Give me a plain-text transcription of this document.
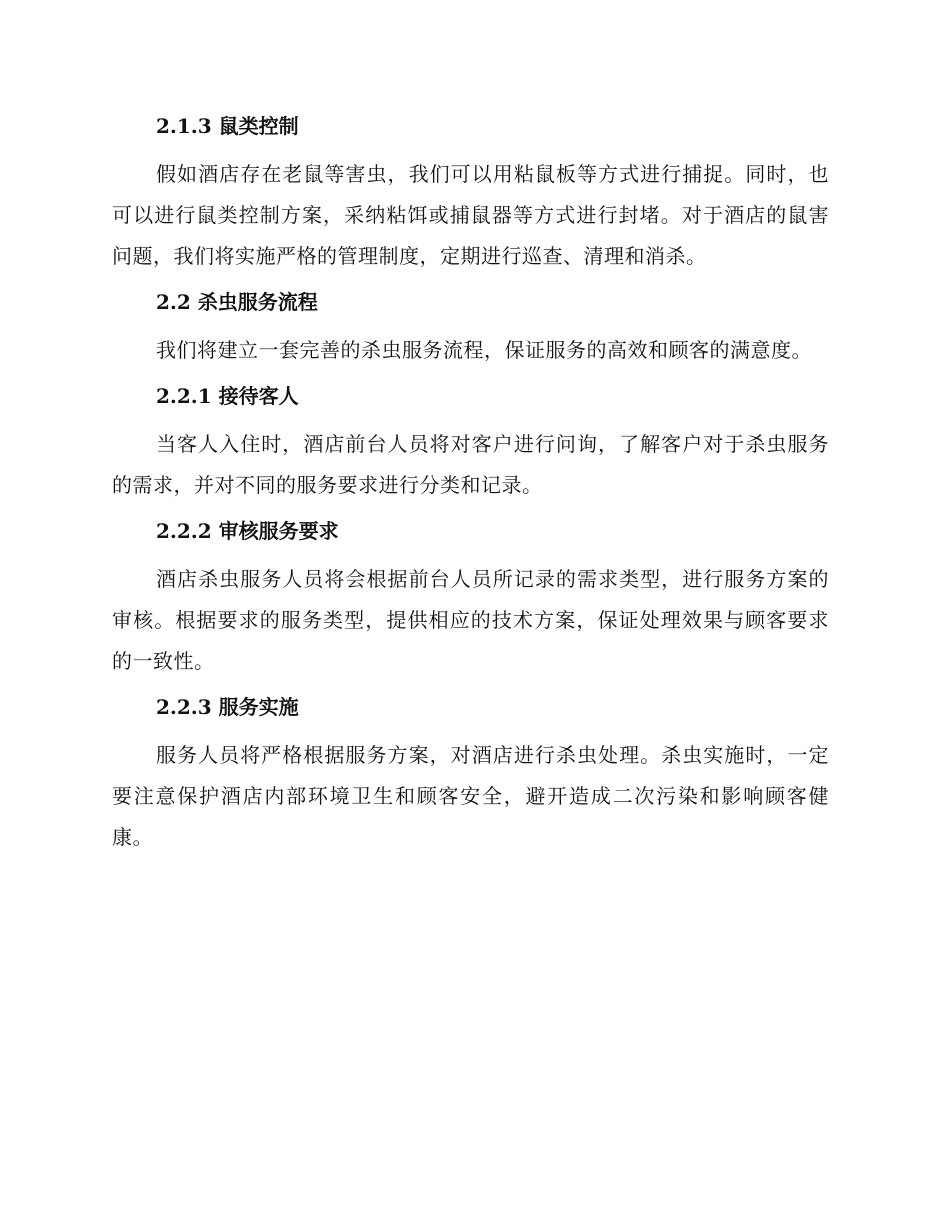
2.1.3 鼠类控制

假如酒店存在老鼠等害虫，我们可以用粘鼠板等方式进行捕捉。同时，也可以进行鼠类控制方案，采纳粘饵或捕鼠器等方式进行封堵。对于酒店的鼠害问题，我们将实施严格的管理制度，定期进行巡查、清理和消杀。

2.2 杀虫服务流程

我们将建立一套完善的杀虫服务流程，保证服务的高效和顾客的满意度。

2.2.1 接待客人

当客人入住时，酒店前台人员将对客户进行问询，了解客户对于杀虫服务的需求，并对不同的服务要求进行分类和记录。

2.2.2 审核服务要求

酒店杀虫服务人员将会根据前台人员所记录的需求类型，进行服务方案的审核。根据要求的服务类型，提供相应的技术方案，保证处理效果与顾客要求的一致性。

2.2.3 服务实施

服务人员将严格根据服务方案，对酒店进行杀虫处理。杀虫实施时，一定要注意保护酒店内部环境卫生和顾客安全，避开造成二次污染和影响顾客健康。
